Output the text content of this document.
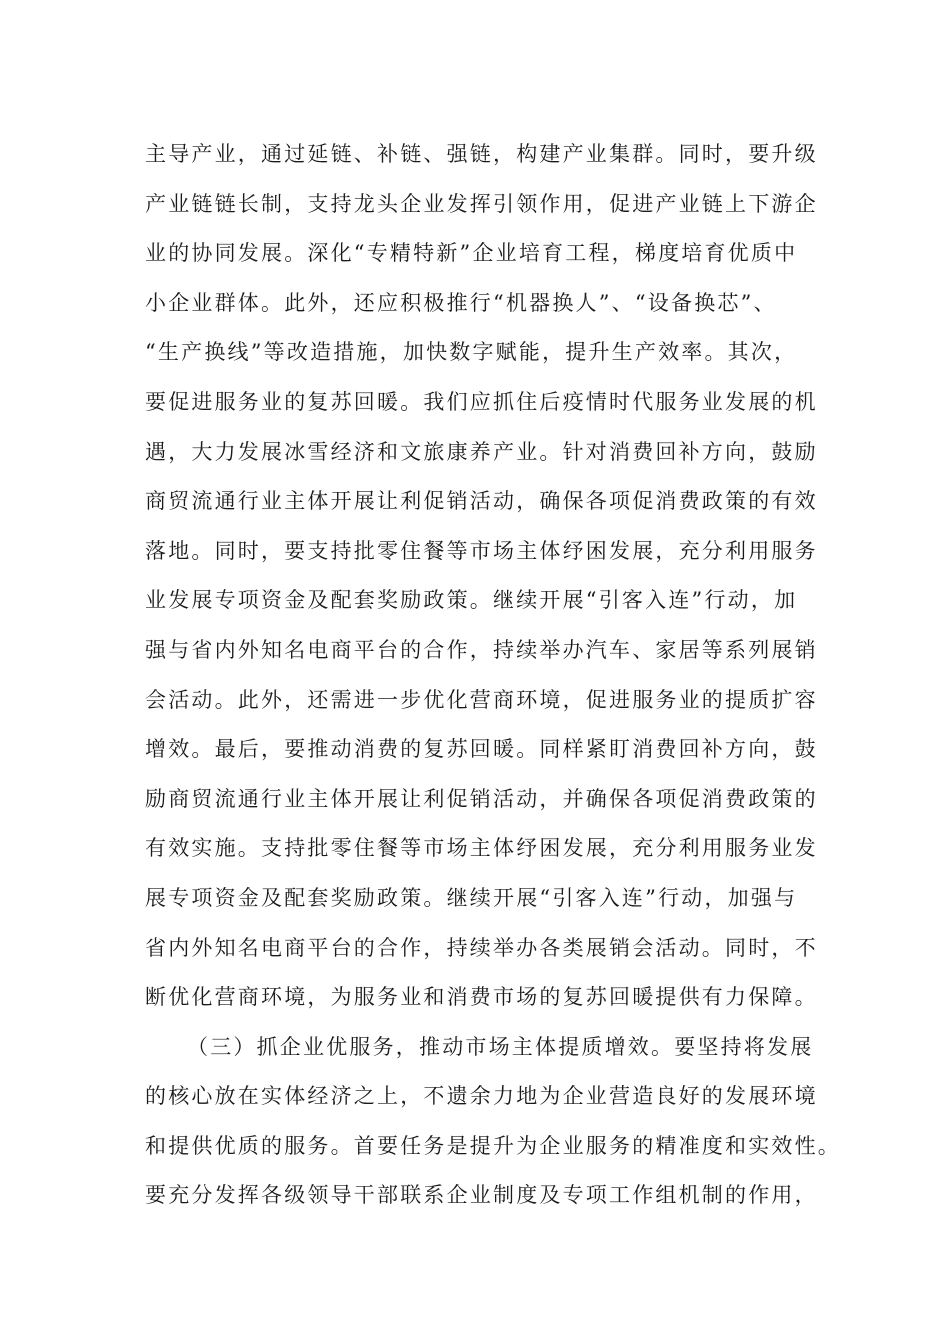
主导产业，通过延链、补链、强链，构建产业集群。同时，要升级
产业链链长制，支持龙头企业发挥引领作用，促进产业链上下游企
业的协同发展。深化“专精特新”企业培育工程，梯度培育优质中
小企业群体。此外，还应积极推行“机器换人”、“设备换芯”、
“生产换线”等改造措施，加快数字赋能，提升生产效率。其次，
要促进服务业的复苏回暖。我们应抓住后疫情时代服务业发展的机
遇，大力发展冰雪经济和文旅康养产业。针对消费回补方向，鼓励
商贸流通行业主体开展让利促销活动，确保各项促消费政策的有效
落地。同时，要支持批零住餐等市场主体纾困发展，充分利用服务
业发展专项资金及配套奖励政策。继续开展“引客入连”行动，加
强与省内外知名电商平台的合作，持续举办汽车、家居等系列展销
会活动。此外，还需进一步优化营商环境，促进服务业的提质扩容
增效。最后，要推动消费的复苏回暖。同样紧盯消费回补方向，鼓
励商贸流通行业主体开展让利促销活动，并确保各项促消费政策的
有效实施。支持批零住餐等市场主体纾困发展，充分利用服务业发
展专项资金及配套奖励政策。继续开展“引客入连”行动，加强与
省内外知名电商平台的合作，持续举办各类展销会活动。同时，不
断优化营商环境，为服务业和消费市场的复苏回暖提供有力保障。
（三）抓企业优服务，推动市场主体提质增效。要坚持将发展
的核心放在实体经济之上，不遗余力地为企业营造良好的发展环境
和提供优质的服务。首要任务是提升为企业服务的精准度和实效性。
要充分发挥各级领导干部联系企业制度及专项工作组机制的作用，
